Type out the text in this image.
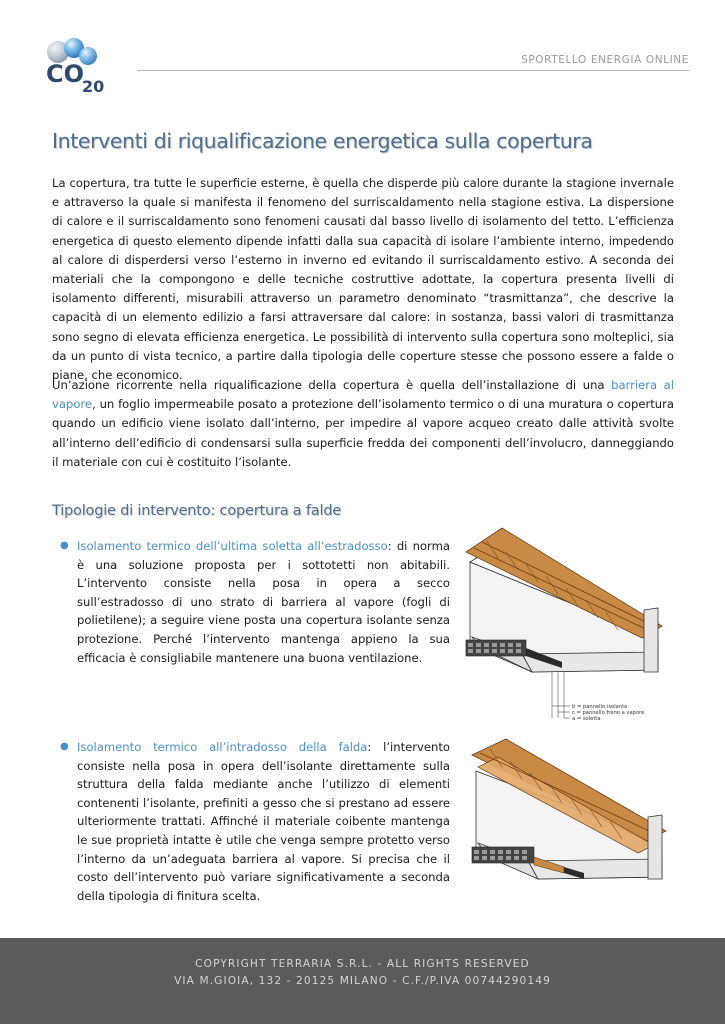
CO
20
SPORTELLO ENERGIA ONLINE
Interventi di riqualificazione energetica sulla copertura

La copertura, tra tutte le superficie esterne, è quella che disperde più calore durante la stagione invernale e attraverso la quale si manifesta il fenomeno del surriscaldamento nella stagione estiva. La dispersione di calore e il surriscaldamento sono fenomeni causati dal basso livello di isolamento del tetto. L’efficienza energetica di questo elemento dipende infatti dalla sua capacità di isolare l’ambiente interno, impedendo al calore di disperdersi verso l’esterno in inverno ed evitando il surriscaldamento estivo. A seconda dei materiali che la compongono e delle tecniche costruttive adottate, la copertura presenta livelli di isolamento differenti, misurabili attraverso un parametro denominato “trasmittanza”, che descrive la capacità di un elemento edilizio a farsi attraversare dal calore: in sostanza, bassi valori di trasmittanza sono segno di elevata efficienza energetica. Le possibilità di intervento sulla copertura sono molteplici, sia da un punto di vista tecnico, a partire dalla tipologia delle coperture stesse che possono essere a falde o piane, che economico.

Un’azione ricorrente nella riqualificazione della copertura è quella dell’installazione di una barriera al vapore, un foglio impermeabile posato a protezione dell’isolamento termico o di una muratura o copertura quando un edificio viene isolato dall’interno, per impedire al vapore acqueo creato dalle attività svolte all’interno dell’edificio di condensarsi sulla superficie fredda dei componenti dell’involucro, danneggiando il materiale con cui è costituito l’isolante.

Tipologie di intervento: copertura a falde
● Isolamento termico dell’ultima soletta all’estradosso: di norma è una soluzione proposta per i sottotetti non abitabili. L’intervento consiste nella posa in opera a secco sull’estradosso di uno strato di barriera al vapore (fogli di polietilene); a seguire viene posta una copertura isolante senza protezione. Perché l’intervento mantenga appieno la sua efficacia è consigliabile mantenere una buona ventilazione.
● Isolamento termico all’intradosso della falda: l’intervento consiste nella posa in opera dell’isolante direttamente sulla struttura della falda mediante anche l’utilizzo di elementi contenenti l’isolante, prefiniti a gesso che si prestano ad essere ulteriormente trattati. Affinché il materiale coibente mantenga le sue proprietà intatte è utile che venga sempre protetto verso l’interno da un’adeguata barriera al vapore. Si precisa che il costo dell’intervento può variare significativamente a seconda della tipologia di finitura scelta.
b = pannello isolante
c = pannello freno a vapore
a = soletta
COPYRIGHT TERRARIA S.R.L. - ALL RIGHTS RESERVED
VIA M.GIOIA, 132 - 20125 MILANO - C.F./P.IVA 00744290149
